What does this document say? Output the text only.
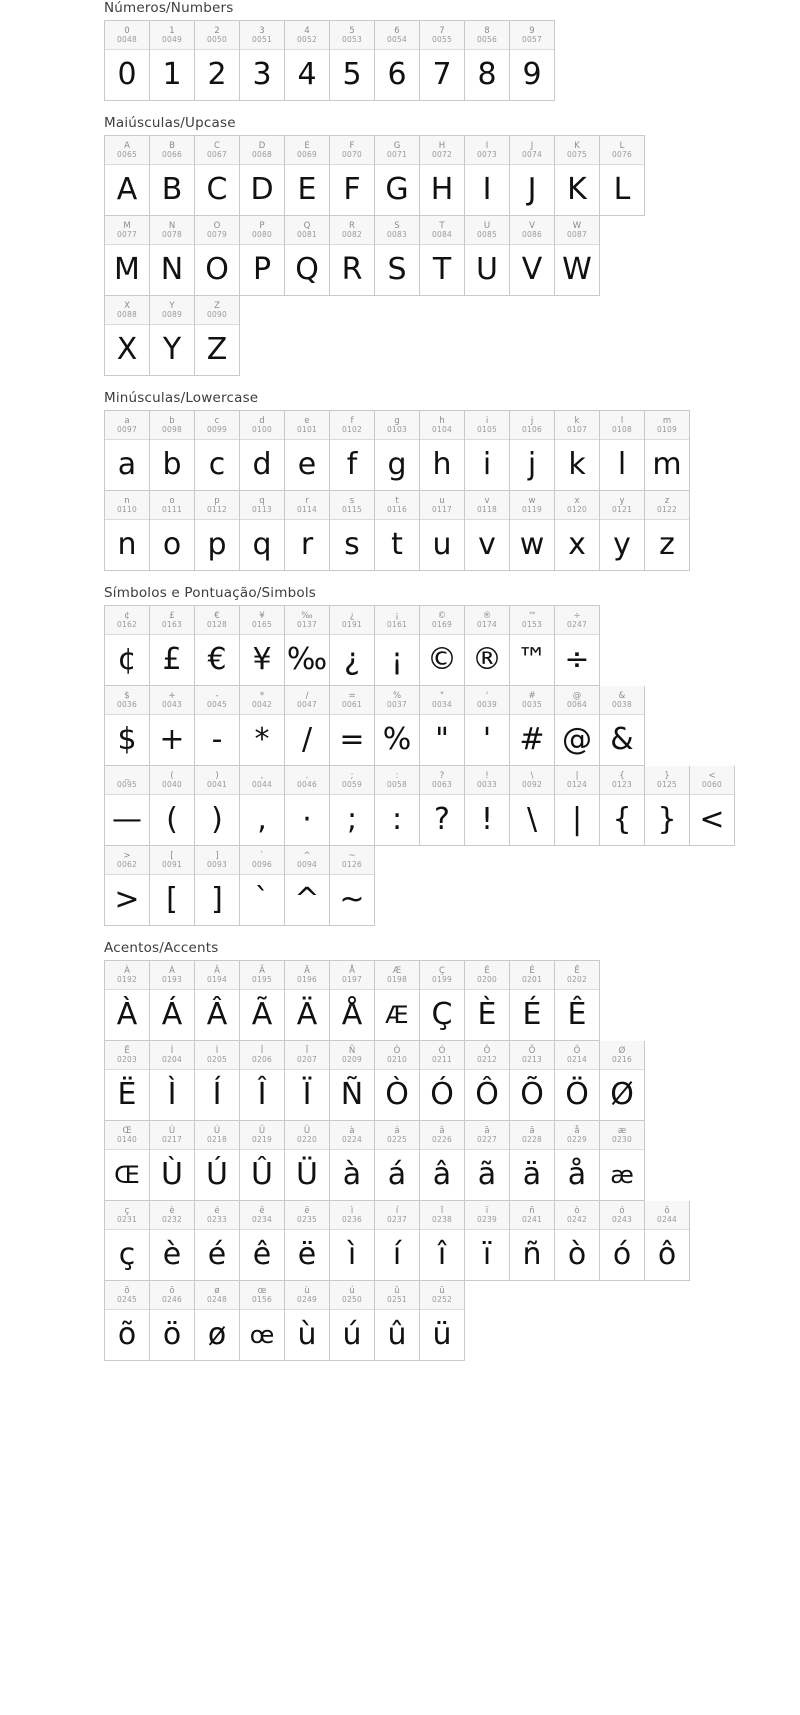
Números/Numbers
0
0048
0
1
0049
1
2
0050
2
3
0051
3
4
0052
4
5
0053
5
6
0054
6
7
0055
7
8
0056
8
9
0057
9
Maiúsculas/Upcase
A
0065
A
B
0066
B
C
0067
C
D
0068
D
E
0069
E
F
0070
F
G
0071
G
H
0072
H
I
0073
I
J
0074
J
K
0075
K
L
0076
L
M
0077
M
N
0078
N
O
0079
O
P
0080
P
Q
0081
Q
R
0082
R
S
0083
S
T
0084
T
U
0085
U
V
0086
V
W
0087
W
X
0088
X
Y
0089
Y
Z
0090
Z
Minúsculas/Lowercase
a
0097
a
b
0098
b
c
0099
c
d
0100
d
e
0101
e
f
0102
f
g
0103
g
h
0104
h
i
0105
i
j
0106
j
k
0107
k
l
0108
l
m
0109
m
n
0110
n
o
0111
o
p
0112
p
q
0113
q
r
0114
r
s
0115
s
t
0116
t
u
0117
u
v
0118
v
w
0119
w
x
0120
x
y
0121
y
z
0122
z
Símbolos e Pontuação/Simbols
¢
0162
¢
£
0163
£
€
0128
€
¥
0165
¥
‰
0137
‰
¿
0191
¿
¡
0161
¡
©
0169
©
®
0174
®
™
0153
™
÷
0247
÷
$
0036
$
+
0043
+
-
0045
-
*
0042
*
/
0047
/
=
0061
=
%
0037
%
"
0034
"
'
0039
'
#
0035
#
@
0064
@
&
0038
&
_
0095
—
(
0040
(
)
0041
)
,
0044
,
.
0046
·
;
0059
;
:
0058
:
?
0063
?
!
0033
!
\
0092
\
|
0124
|
{
0123
{
}
0125
}
<
0060
<
>
0062
>
[
0091
[
]
0093
]
`
0096
`
^
0094
^
~
0126
~
Acentos/Accents
À
0192
À
Á
0193
Á
Â
0194
Â
Ã
0195
Ã
Ä
0196
Ä
Å
0197
Å
Æ
0198
Æ
Ç
0199
Ç
È
0200
È
É
0201
É
Ê
0202
Ê
Ë
0203
Ë
Ì
0204
Ì
Í
0205
Í
Î
0206
Î
Ï
0207
Ï
Ñ
0209
Ñ
Ò
0210
Ò
Ó
0211
Ó
Ô
0212
Ô
Õ
0213
Õ
Ö
0214
Ö
Ø
0216
Ø
Œ
0140
Œ
Ù
0217
Ù
Ú
0218
Ú
Û
0219
Û
Ü
0220
Ü
à
0224
à
á
0225
á
â
0226
â
ã
0227
ã
ä
0228
ä
å
0229
å
æ
0230
æ
ç
0231
ç
è
0232
è
é
0233
é
ê
0234
ê
ë
0235
ë
ì
0236
ì
í
0237
í
î
0238
î
ï
0239
ï
ñ
0241
ñ
ò
0242
ò
ó
0243
ó
ô
0244
ô
õ
0245
õ
ö
0246
ö
ø
0248
ø
œ
0156
œ
ù
0249
ù
ú
0250
ú
û
0251
û
ü
0252
ü
